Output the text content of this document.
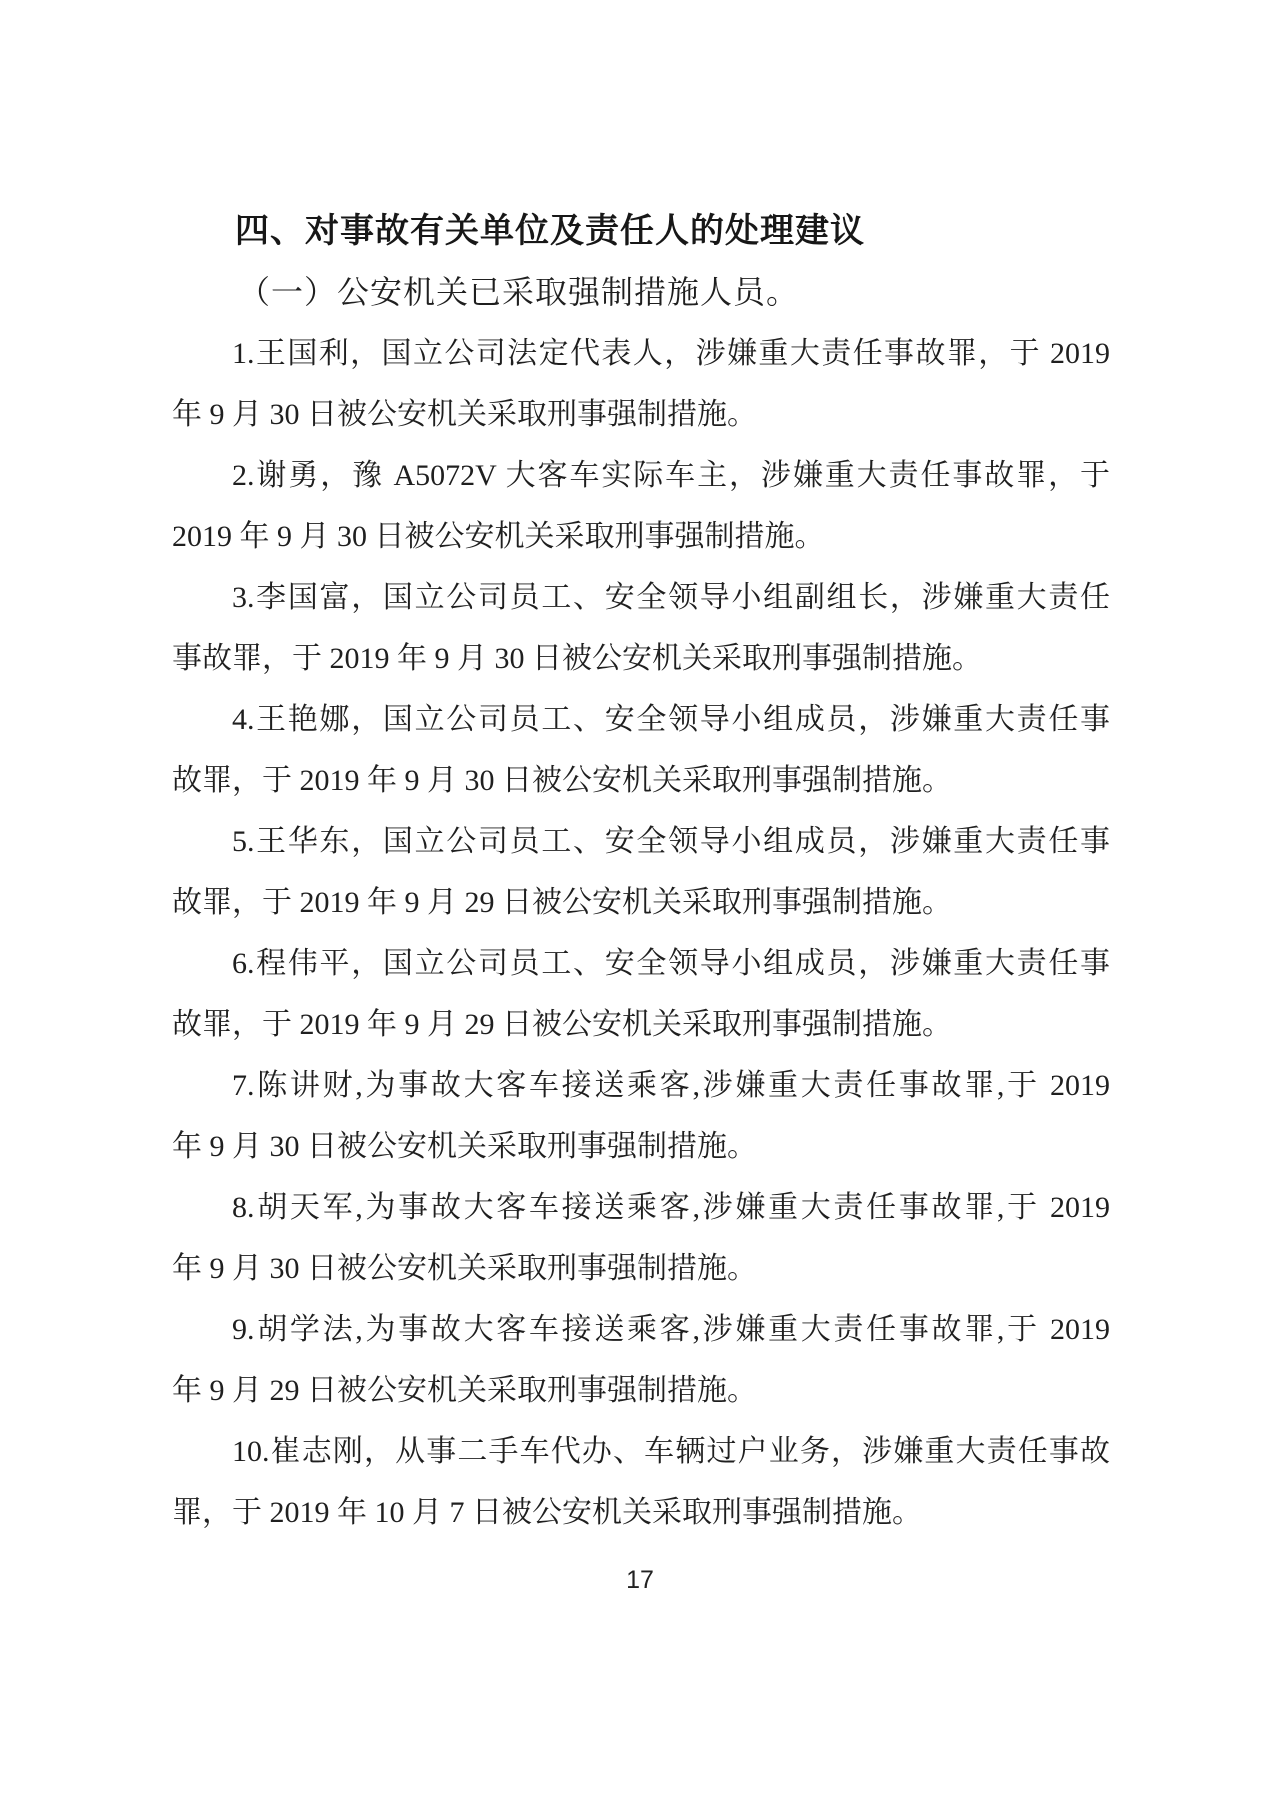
四、对事故有关单位及责任人的处理建议
（一）公安机关已采取强制措施人员。
1.王国利，国立公司法定代表人，涉嫌重大责任事故罪，于 2019
年 9 月 30 日被公安机关采取刑事强制措施。
2.谢勇，豫 A5072V 大客车实际车主，涉嫌重大责任事故罪，于
2019 年 9 月 30 日被公安机关采取刑事强制措施。
3.李国富，国立公司员工、安全领导小组副组长，涉嫌重大责任
事故罪，于 2019 年 9 月 30 日被公安机关采取刑事强制措施。
4.王艳娜，国立公司员工、安全领导小组成员，涉嫌重大责任事
故罪，于 2019 年 9 月 30 日被公安机关采取刑事强制措施。
5.王华东，国立公司员工、安全领导小组成员，涉嫌重大责任事
故罪，于 2019 年 9 月 29 日被公安机关采取刑事强制措施。
6.程伟平，国立公司员工、安全领导小组成员，涉嫌重大责任事
故罪，于 2019 年 9 月 29 日被公安机关采取刑事强制措施。
7.陈讲财,为事故大客车接送乘客,涉嫌重大责任事故罪,于 2019
年 9 月 30 日被公安机关采取刑事强制措施。
8.胡天军,为事故大客车接送乘客,涉嫌重大责任事故罪,于 2019
年 9 月 30 日被公安机关采取刑事强制措施。
9.胡学法,为事故大客车接送乘客,涉嫌重大责任事故罪,于 2019
年 9 月 29 日被公安机关采取刑事强制措施。
10.崔志刚，从事二手车代办、车辆过户业务，涉嫌重大责任事故
罪，于 2019 年 10 月 7 日被公安机关采取刑事强制措施。
17
